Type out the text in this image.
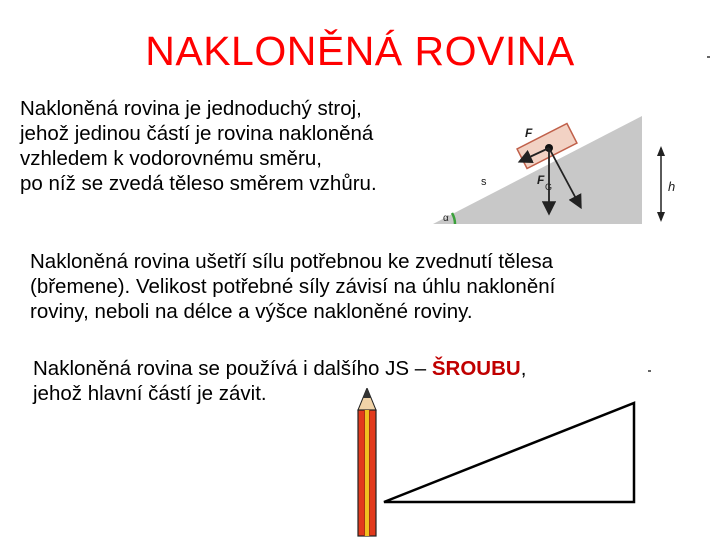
NAKLONĚNÁ ROVINA
Nakloněná rovina je jednoduchý stroj,
jehož jedinou částí je rovina nakloněná
vzhledem k vodorovnému směru,
po níž se zvedá těleso směrem vzhůru.
α
F
F G
s	h
Nakloněná rovina ušetří sílu potřebnou ke zvednutí tělesa
(břemene). Velikost potřebné síly závisí na úhlu naklonění
roviny, neboli na délce a výšce nakloněné roviny.
Nakloněná rovina se používá i dalšího JS – ŠROUBU,
jehož hlavní částí je závit.
